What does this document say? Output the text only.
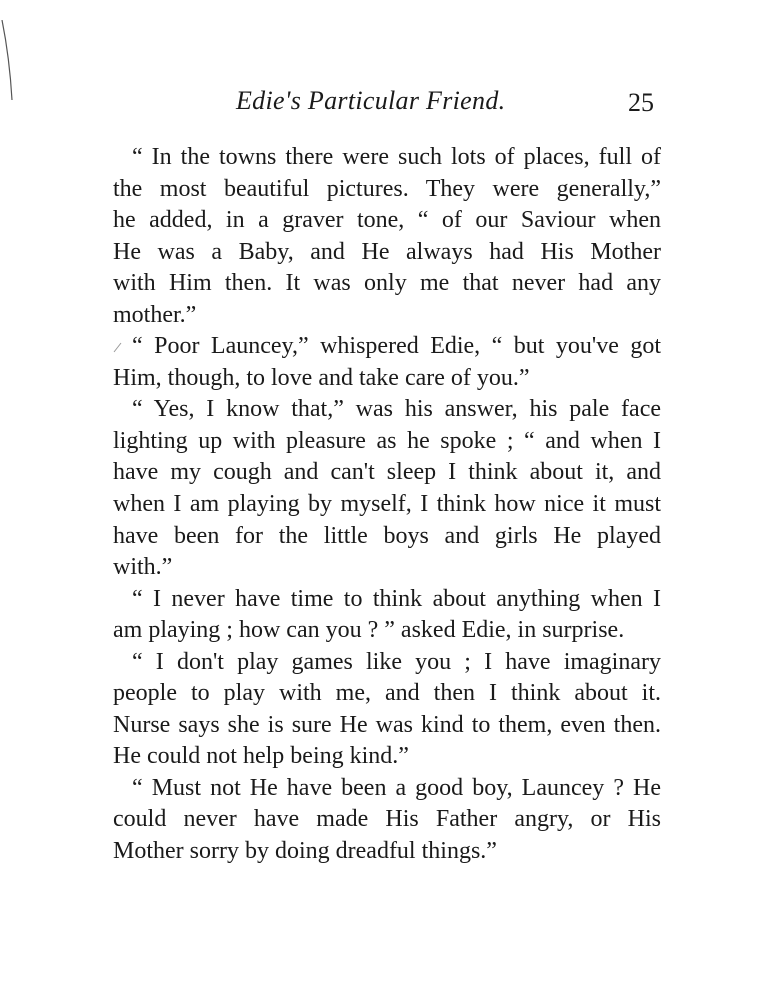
Edie's Particular Friend.	25
“ In the towns there were such lots of places, full of
the most beautiful pictures. They were generally,”
he added, in a graver tone, “ of our Saviour when
He was a Baby, and He always had His Mother
with Him then. It was only me that never had any
mother.”
“ Poor Launcey,” whispered Edie, “ but you've got
Him, though, to love and take care of you.”
“ Yes, I know that,” was his answer, his pale face
lighting up with pleasure as he spoke ; “ and when I
have my cough and can't sleep I think about it, and
when I am playing by myself, I think how nice it must
have been for the little boys and girls He played
with.”
“ I never have time to think about anything when I
am playing ; how can you ? ” asked Edie, in surprise.
“ I don't play games like you ; I have imaginary
people to play with me, and then I think about it.
Nurse says she is sure He was kind to them, even then.
He could not help being kind.”
“ Must not He have been a good boy, Launcey ? He
could never have made His Father angry, or His
Mother sorry by doing dreadful things.”
